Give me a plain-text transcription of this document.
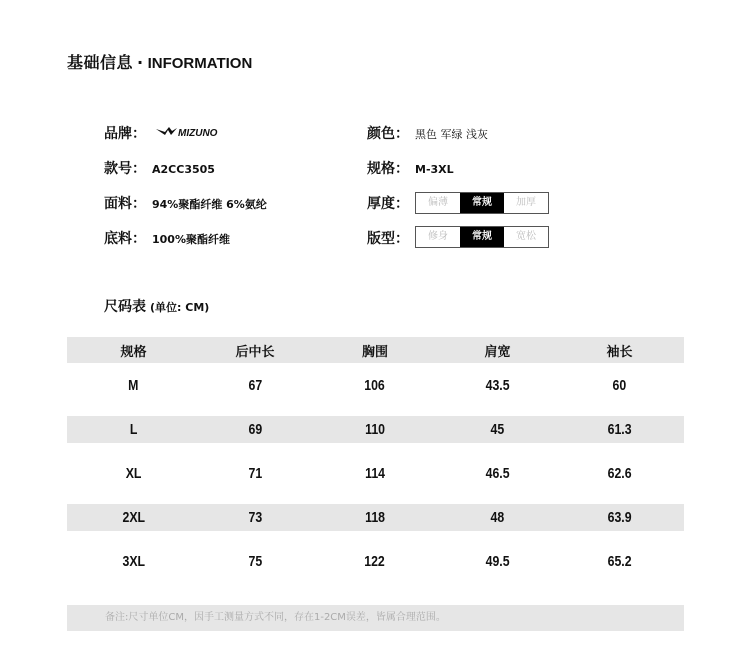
基础信息 · INFORMATION
品牌：	MIZUNO
款号： A2CC3505
面料： 94%聚酯纤维 6%氨纶
底料： 100%聚酯纤维
颜色： 黑色 军绿 浅灰
规格： M-3XL
厚度：	偏薄	常规	加厚
版型：	修身	常规	宽松
尺码表 (单位: CM)
规格	后中长	胸围	肩宽	袖长
M	67	106	43.5	60
L	69	110	45	61.3
XL	71	114	46.5	62.6
2XL	73	118	48	63.9
3XL	75	122	49.5	65.2
备注:尺寸单位CM，因手工测量方式不同，存在1-2CM误差，皆属合理范围。
